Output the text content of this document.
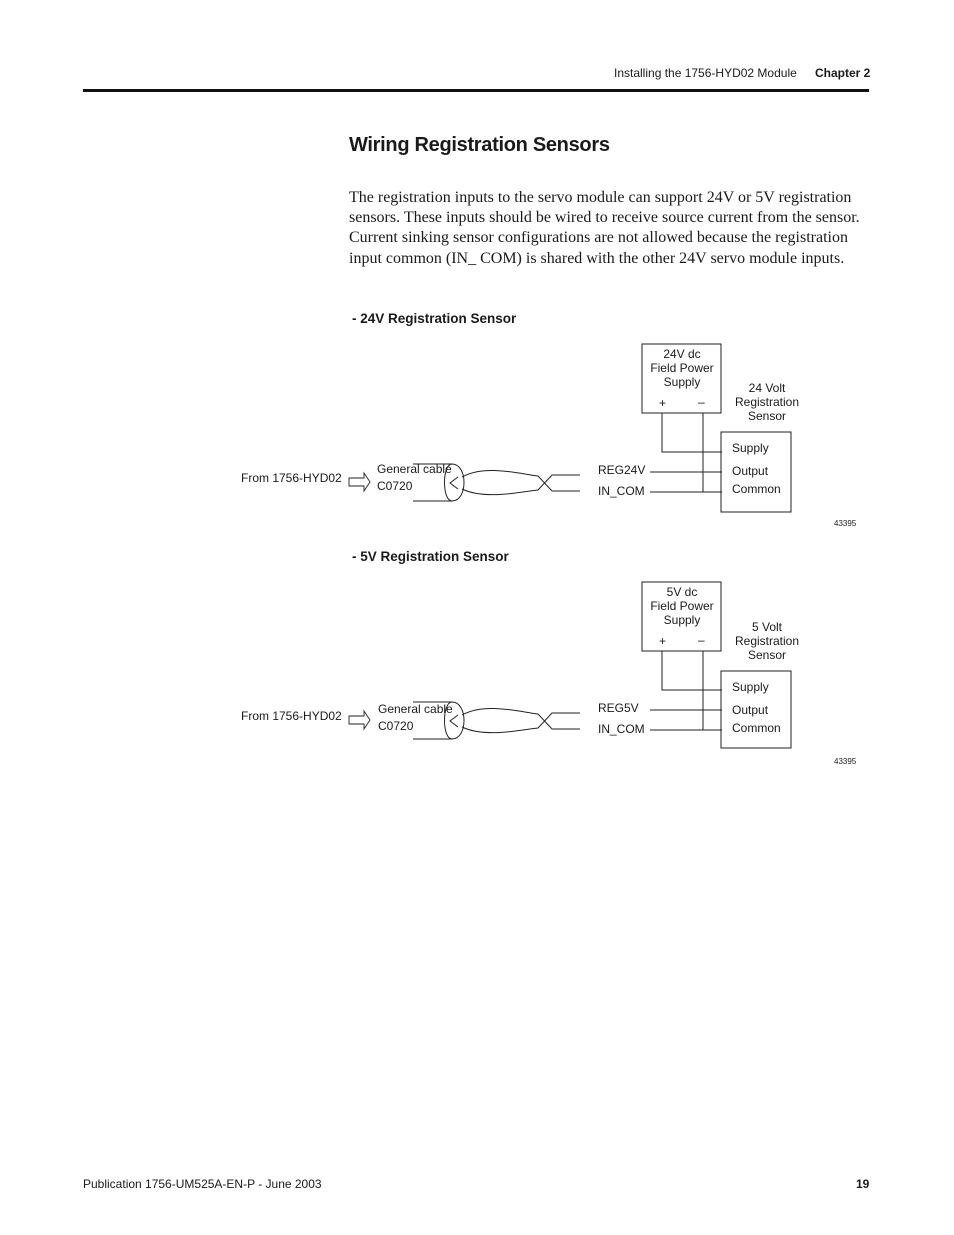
Installing the 1756-HYD02 Module Chapter 2
Wiring Registration Sensors
The registration inputs to the servo module can support 24V or 5V registration sensors. These inputs should be wired to receive source current from the sensor. Current sinking sensor configurations are not allowed because the registration input common (IN_ COM) is shared with the other 24V servo module inputs.
- 24V Registration Sensor
From 1756-HYD02
General cable
C0720
REG24V
IN_COM
24V dc
Field Power
Supply
+	–
24 Volt
Registration
Sensor
Supply
Output
Common
43395
- 5V Registration Sensor
From 1756-HYD02	General cable
C0720
REG5V
IN_COM
5V dc
Field Power
Supply
+	–
5 Volt
Registration
Sensor
Supply
Output
Common
43395
Publication 1756-UM525A-EN-P - June 2003	19
